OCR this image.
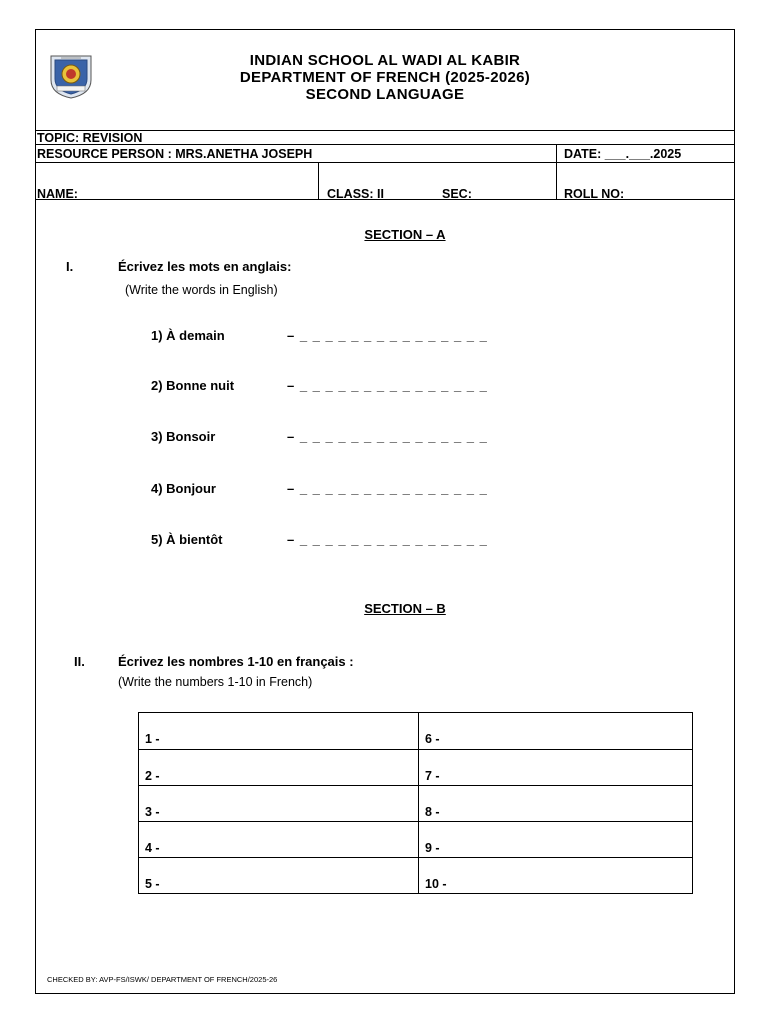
INDIAN SCHOOL AL WADI AL KABIR
DEPARTMENT OF FRENCH (2025-2026)
SECOND LANGUAGE
TOPIC: REVISION
RESOURCE PERSON : MRS.ANETHA JOSEPH	DATE: ___.___.2025
NAME: ______________________	CLASS: II	SEC:___	ROLL NO:___
SECTION – A
I.	Écrivez les mots en anglais:
(Write the words in English)
1) À demain	– _ _ _ _ _ _ _ _ _ _ _ _ _ _ _
2) Bonne nuit	– _ _ _ _ _ _ _ _ _ _ _ _ _ _ _
3) Bonsoir	– _ _ _ _ _ _ _ _ _ _ _ _ _ _ _
4) Bonjour	– _ _ _ _ _ _ _ _ _ _ _ _ _ _ _
5) À bientôt	– _ _ _ _ _ _ _ _ _ _ _ _ _ _ _
SECTION – B
II.	Écrivez les nombres 1-10 en français :
(Write the numbers 1-10 in French)
1 -	6 -
2 -	7 -
3 -	8 -
4 -	9 -
5 -	10 -
CHECKED BY: AVP-FS/ISWK/ DEPARTMENT OF FRENCH/2025-26
